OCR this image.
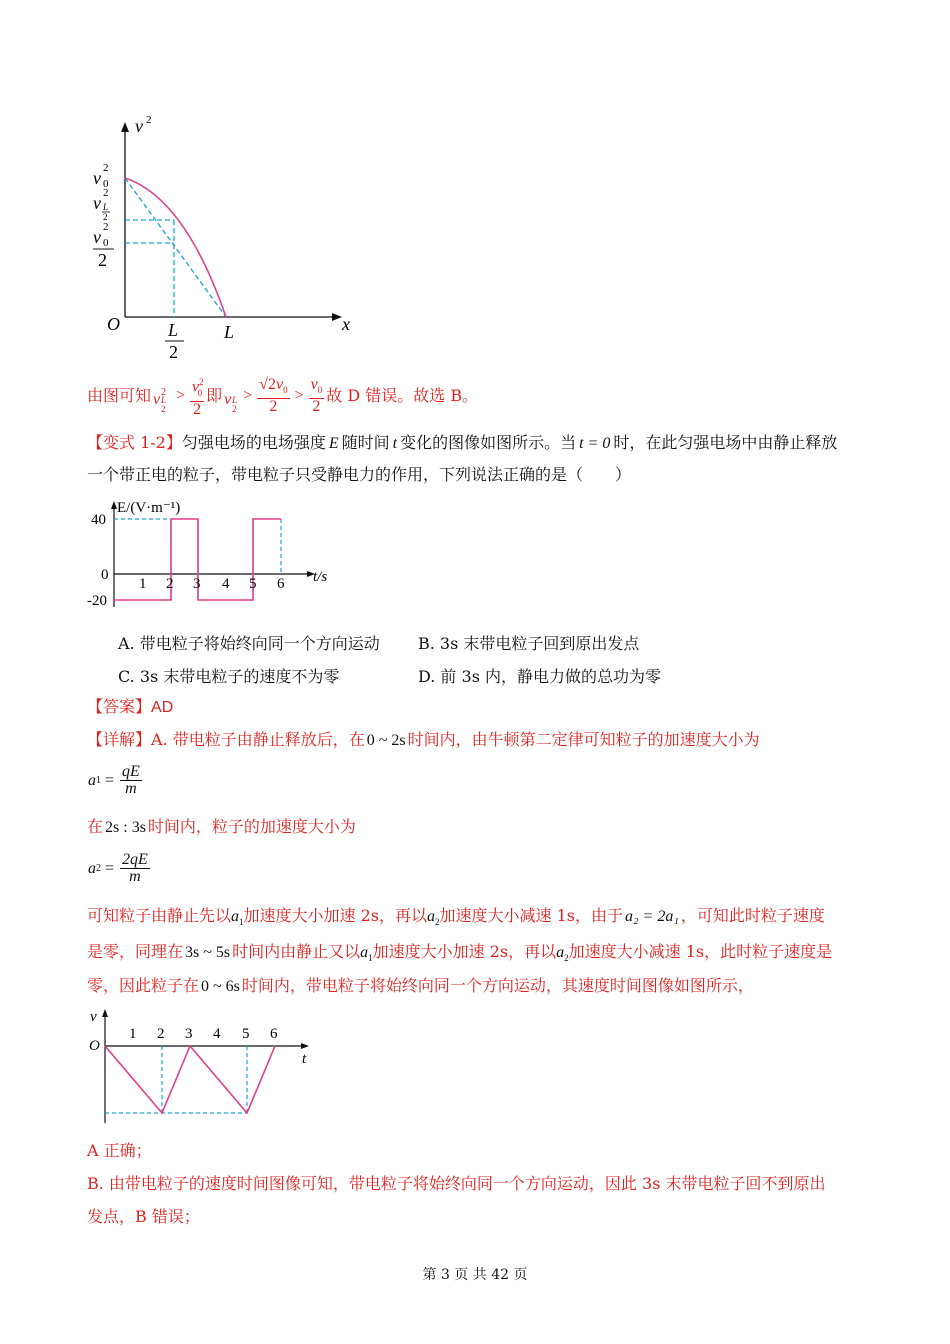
v 2
v 2
0
v 2
L
2
v 2
0
2
O	L
2
L	x
由图可知 v 2
L
2
> $\frac{v^2_0}{2}$ 即 v L
2
> $\frac{√2v_0}{2} > \frac{v_0}{2}$ 故 D 错误。故选 B。
【变式 1-2】匀强电场的电场强度 E 随时间 t 变化的图像如图所示。当 t = 0 时，在此匀强电场中由静止释放
一个带正电的粒子，带电粒子只受静电力的作用，下列说法正确的是（　　）
E/(V·m⁻¹)
40
0
-20
1 2 3 4 5 6 t/s
A. 带电粒子将始终向同一个方向运动 B. 3s 末带电粒子回到原出发点
C. 3s 末带电粒子的速度不为零	D. 前 3s 内，静电力做的总功为零
【答案】AD
【详解】A. 带电粒子由静止释放后，在 0 ~ 2s 时间内，由牛顿第二定律可知粒子的加速度大小为
a $1 = \frac{qE}{m}$
在 2s : 3s 时间内，粒子的加速度大小为
a $2 = \frac{2qE}{m}$
可知粒子由静止先以$a_1$加速度大小加速 2s，再以$a_2$加速度大小减速 1s，由于 a₂ = 2a₁ ，可知此时粒子速度
是零，同理在 3s ~ 5s 时间内由静止又以$a_1$加速度大小加速 2s，再以$a_2$加速度大小减速 1s，此时粒子速度是
零，因此粒子在 0 ~ 6s 时间内，带电粒子将始终向同一个方向运动，其速度时间图像如图所示，
v
O
1 2 3 4 5 6
t
A 正确；
B. 由带电粒子的速度时间图像可知，带电粒子将始终向同一个方向运动，因此 3s 末带电粒子回不到原出
发点，B 错误；
第 3 页 共 42 页
